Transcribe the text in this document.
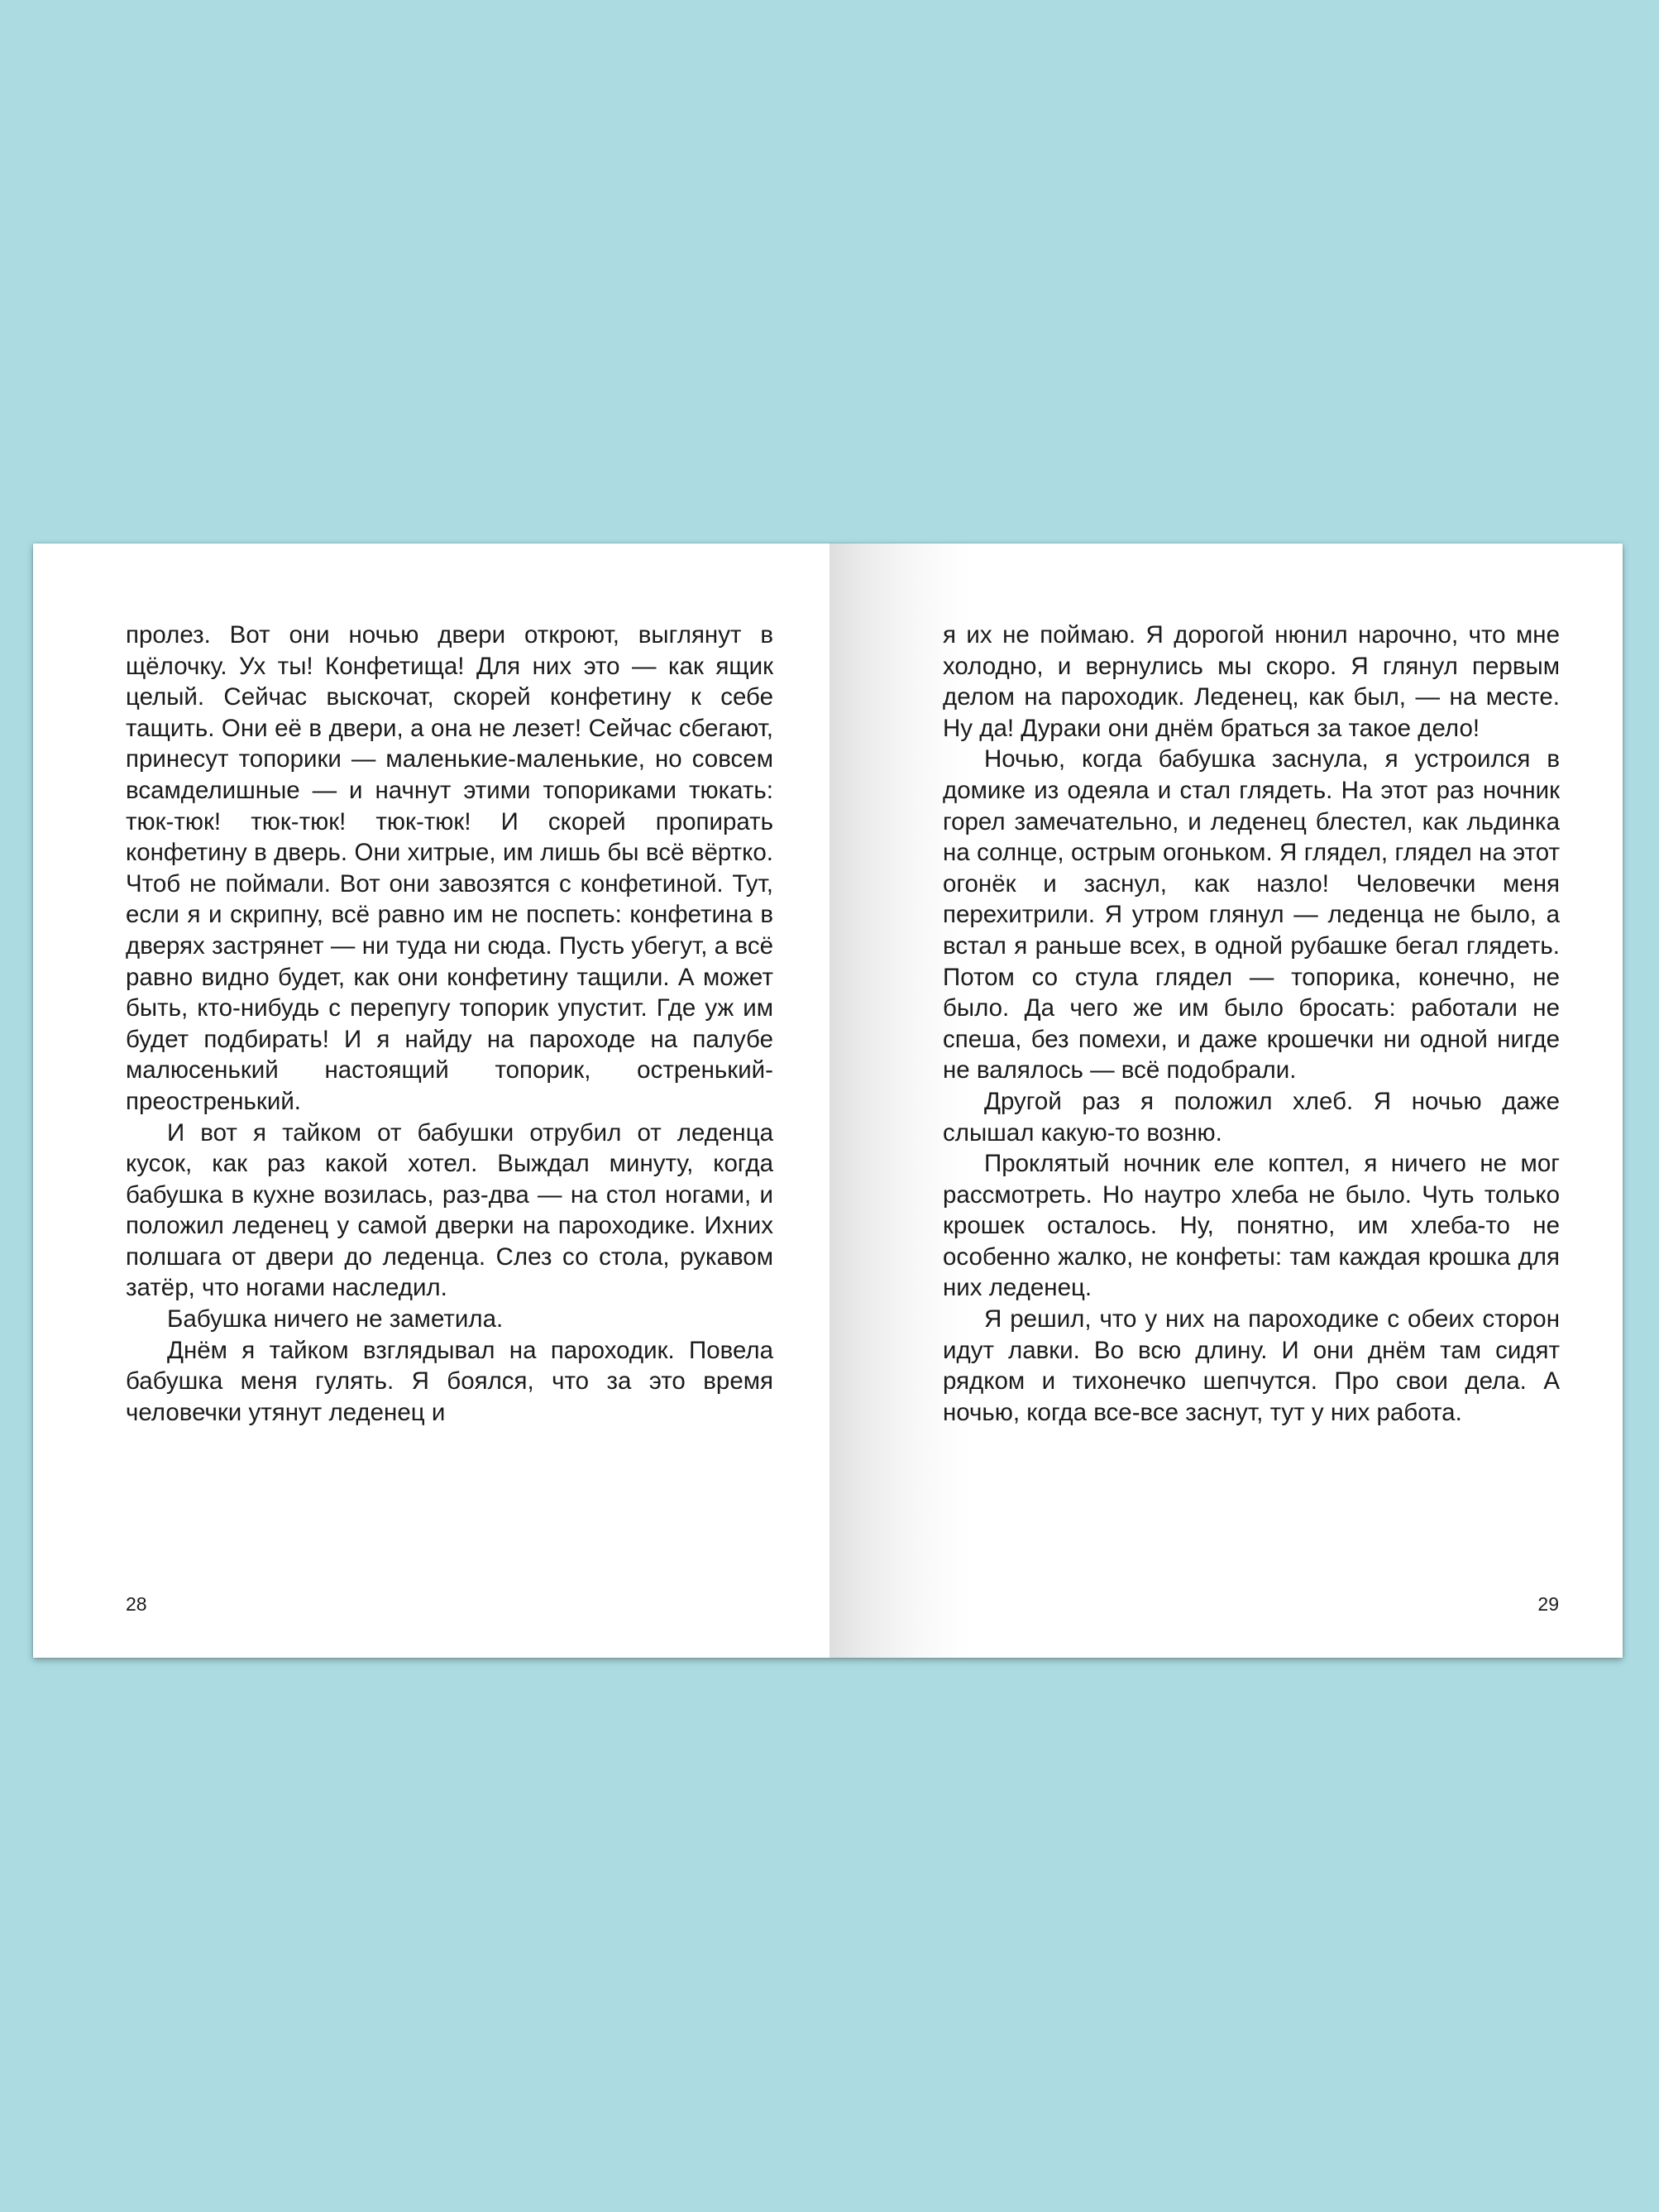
пролез. Вот они ночью двери откроют, выглянут в щёлочку. Ух ты! Конфетища! Для них это — как ящик целый. Сейчас выскочат, скорей конфетину к себе тащить. Они её в двери, а она не лезет! Сейчас сбегают, принесут топорики — маленькие-маленькие, но совсем всамделишные — и начнут этими топориками тюкать: тюк-тюк! тюк-тюк! тюк-тюк! И скорей пропирать конфетину в дверь. Они хитрые, им лишь бы всё вёртко. Чтоб не поймали. Вот они завозятся с конфетиной. Тут, если я и скрипну, всё равно им не поспеть: конфетина в дверях застрянет — ни туда ни сюда. Пусть убегут, а всё равно видно будет, как они конфетину тащили. А может быть, кто-нибудь с перепугу топорик упустит. Где уж им будет подбирать! И я найду на пароходе на палубе малюсенький настоящий топорик, остренький-преостренький.

И вот я тайком от бабушки отрубил от леденца кусок, как раз какой хотел. Выждал минуту, когда бабушка в кухне возилась, раз-два — на стол ногами, и положил леденец у самой дверки на пароходике. Ихних полшага от двери до леденца. Слез со стола, рукавом затёр, что ногами наследил.

Бабушка ничего не заметила.

Днём я тайком взглядывал на пароходик. Повела бабушка меня гулять. Я боялся, что за это время человечки утянут леденец и

28

я их не поймаю. Я дорогой нюнил нарочно, что мне холодно, и вернулись мы скоро. Я глянул первым делом на пароходик. Леденец, как был, — на месте. Ну да! Дураки они днём браться за такое дело!

Ночью, когда бабушка заснула, я устроился в домике из одеяла и стал глядеть. На этот раз ночник горел замечательно, и леденец блестел, как льдинка на солнце, острым огоньком. Я глядел, глядел на этот огонёк и заснул, как назло! Человечки меня перехитрили. Я утром глянул — леденца не было, а встал я раньше всех, в одной рубашке бегал глядеть. Потом со стула глядел — топорика, конечно, не было. Да чего же им было бросать: работали не спеша, без помехи, и даже крошечки ни одной нигде не валялось — всё подобрали.

Другой раз я положил хлеб. Я ночью даже слышал какую-то возню.

Проклятый ночник еле коптел, я ничего не мог рассмотреть. Но наутро хлеба не было. Чуть только крошек осталось. Ну, понятно, им хлеба-то не особенно жалко, не конфеты: там каждая крошка для них леденец.

Я решил, что у них на пароходике с обеих сторон идут лавки. Во всю длину. И они днём там сидят рядком и тихонечко шепчутся. Про свои дела. А ночью, когда все-все заснут, тут у них работа.

29
